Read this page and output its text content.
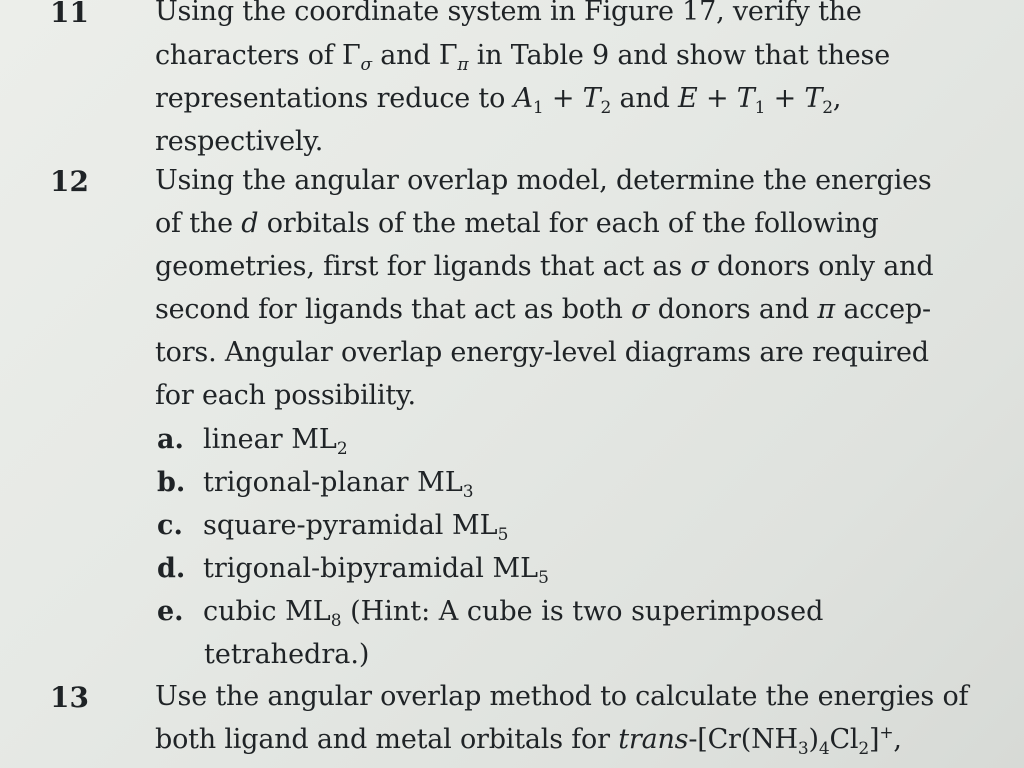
11 Using the coordinate system in Figure 17, verify the
characters of $\Gamma_\sigma$ and $\Gamma_\pi$ in Table 9 and show that these
representations reduce to $A_1 + T_2$ and $E + T_1 + T_2$,
respectively.
12 Using the angular overlap model, determine the energies
of the d orbitals of the metal for each of the following
geometries, first for ligands that act as σ donors only and
second for ligands that act as both σ donors and π accep-
tors. Angular overlap energy-level diagrams are required
for each possibility.
a. linear $ML_2$
b. trigonal-planar $ML_3$
c. square-pyramidal $ML_5$
d. trigonal-bipyramidal $ML_5$
e. cubic $ML_8$ (Hint: A cube is two superimposed
tetrahedra.)
13 Use the angular overlap method to calculate the energies of
both ligand and metal orbitals for trans-$[Cr(NH_3)_4Cl_2]^+$,
